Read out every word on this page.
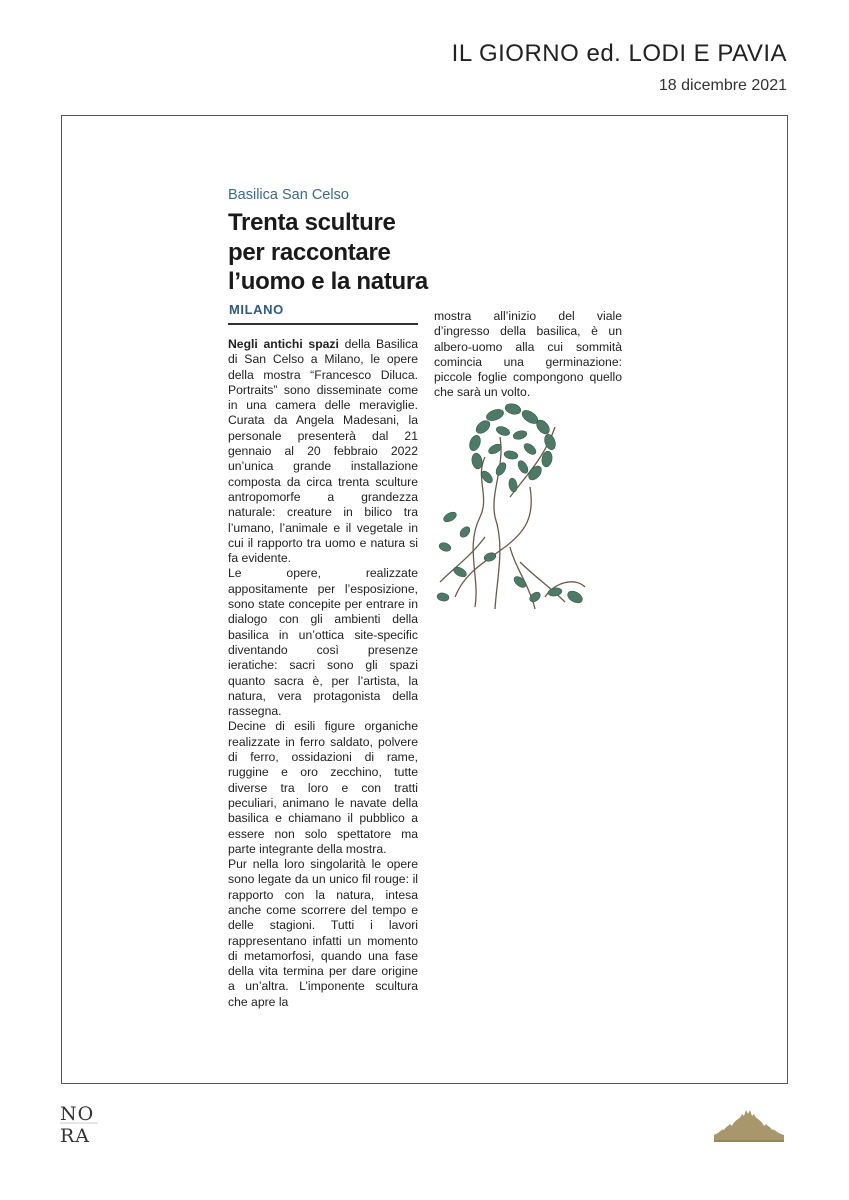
IL GIORNO ed. LODI E PAVIA
18 dicembre 2021
Basilica San Celso
Trenta sculture
per raccontare
l’uomo e la natura
MILANO

Negli antichi spazi della Basilica di San Celso a Milano, le opere della mostra “Francesco Diluca. Portraits” sono disseminate come in una camera delle meraviglie. Curata da Angela Madesani, la personale presenterà dal 21 gennaio al 20 febbraio 2022 un’unica grande installazione composta da circa trenta sculture antropomorfe a grandezza naturale: creature in bilico tra l’umano, l’animale e il vegetale in cui il rapporto tra uomo e natura si fa evidente.

Le opere, realizzate appositamente per l’esposizione, sono state concepite per entrare in dialogo con gli ambienti della basilica in un’ottica site-specific diventando così presenze ieratiche: sacri sono gli spazi quanto sacra è, per l’artista, la natura, vera protagonista della rassegna.

Decine di esili figure organiche realizzate in ferro saldato, polvere di ferro, ossidazioni di rame, ruggine e oro zecchino, tutte diverse tra loro e con tratti peculiari, animano le navate della basilica e chiamano il pubblico a essere non solo spettatore ma parte integrante della mostra.

Pur nella loro singolarità le opere sono legate da un unico fil rouge: il rapporto con la natura, intesa anche come scorrere del tempo e delle stagioni. Tutti i lavori rappresentano infatti un momento di metamorfosi, quando una fase della vita termina per dare origine a un’altra. L’imponente scultura che apre la

mostra all’inizio del viale d’ingresso della basilica, è un albero-uomo alla cui sommità comincia una germinazione: piccole foglie compongono quello che sarà un volto.

NO
RA
